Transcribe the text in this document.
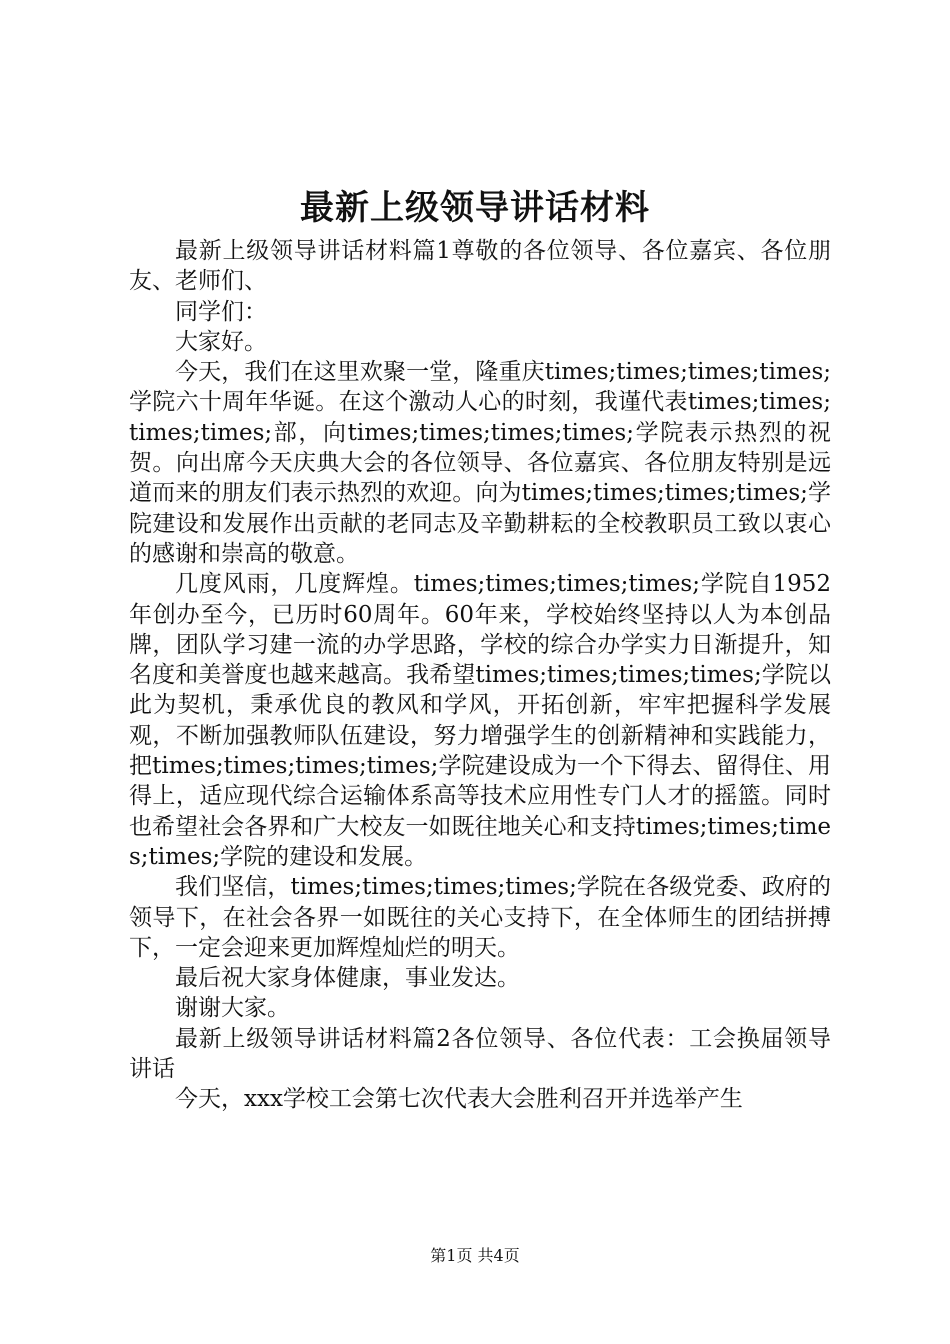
最新上级领导讲话材料

最新上级领导讲话材料篇1尊敬的各位领导、各位嘉宾、各位朋友、老师们、

同学们：

大家好。

今天，我们在这里欢聚一堂，隆重庆times;times;times;times;学院六十周年华诞。在这个激动人心的时刻，我谨代表times;times;times;times;部，向times;times;times;times;学院表示热烈的祝贺。向出席今天庆典大会的各位领导、各位嘉宾、各位朋友特别是远道而来的朋友们表示热烈的欢迎。向为times;times;times;times;学院建设和发展作出贡献的老同志及辛勤耕耘的全校教职员工致以衷心的感谢和崇高的敬意。

几度风雨，几度辉煌。times;times;times;times;学院自1952年创办至今，已历时60周年。60年来，学校始终坚持以人为本创品牌，团队学习建一流的办学思路，学校的综合办学实力日渐提升，知名度和美誉度也越来越高。我希望times;times;times;times;学院以此为契机，秉承优良的教风和学风，开拓创新，牢牢把握科学发展观，不断加强教师队伍建设，努力增强学生的创新精神和实践能力，把times;times;times;times;学院建设成为一个下得去、留得住、用得上，适应现代综合运输体系高等技术应用性专门人才的摇篮。同时也希望社会各界和广大校友一如既往地关心和支持times;times;times;times;学院的建设和发展。

我们坚信，times;times;times;times;学院在各级党委、政府的领导下，在社会各界一如既往的关心支持下，在全体师生的团结拼搏下，一定会迎来更加辉煌灿烂的明天。

最后祝大家身体健康，事业发达。

谢谢大家。

最新上级领导讲话材料篇2各位领导、各位代表：工会换届领导讲话

今天，xxx学校工会第七次代表大会胜利召开并选举产生

第1页 共4页
